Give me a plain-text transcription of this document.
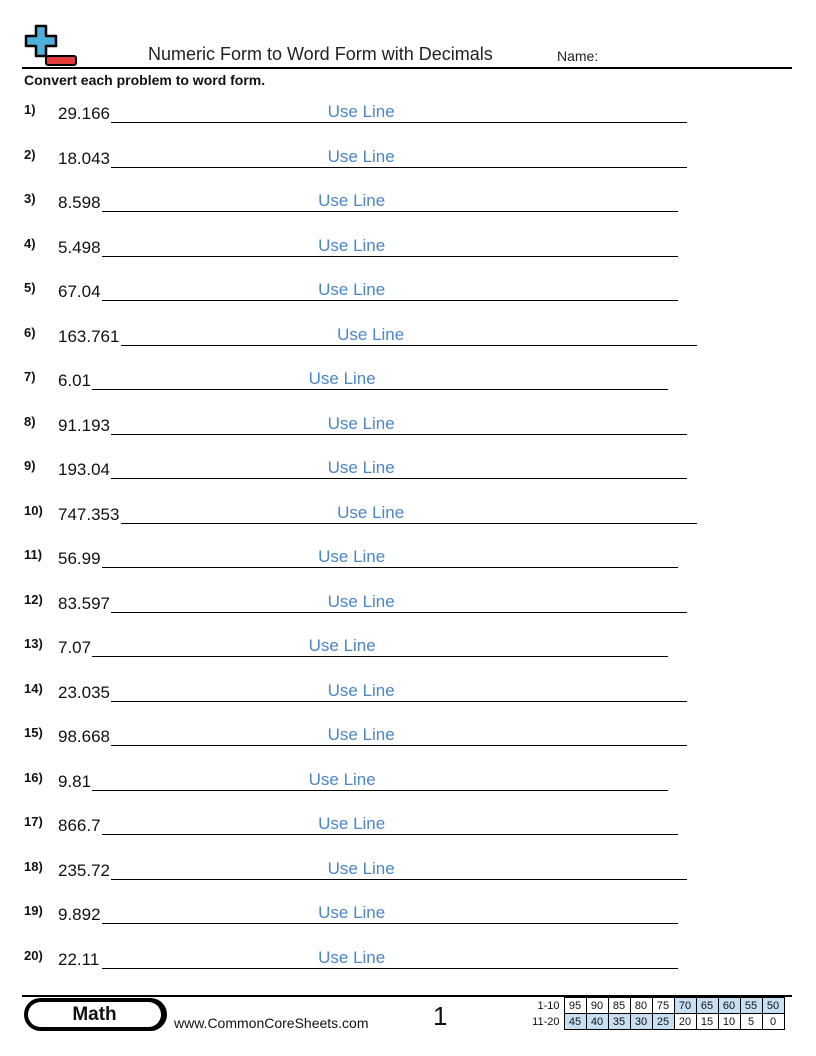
Numeric Form to Word Form with Decimals	Name:
Convert each problem to word form.
1) 29.166	Use Line
2) 18.043	Use Line
3) 8.598	Use Line
4) 5.498	Use Line
5) 67.04	Use Line
6) 163.761	Use Line
7) 6.01	Use Line
8) 91.193	Use Line
9) 193.04	Use Line
10) 747.353	Use Line
11) 56.99	Use Line
12) 83.597	Use Line
13) 7.07	Use Line
14) 23.035	Use Line
15) 98.668	Use Line
16) 9.81	Use Line
17) 866.7	Use Line
18) 235.72	Use Line
19) 9.892	Use Line
20) 22.11	Use Line
Math	www.CommonCoreSheets.com 1	1-10	95	90	85	80	75	70	65	60	55	50
11-20	45	40	35	30	25	20	15	10	5	0
